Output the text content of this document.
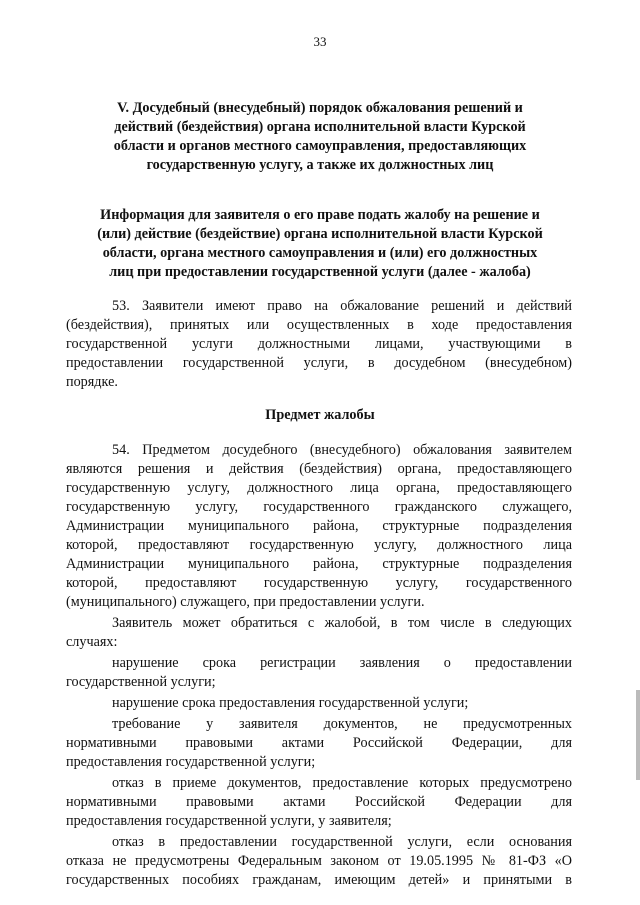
33
V. Досудебный (внесудебный) порядок обжалования решений и
действий (бездействия) органа исполнительной власти Курской
области и органов местного самоуправления, предоставляющих
государственную услугу, а также их должностных лиц
Информация для заявителя о его праве подать жалобу на решение и
(или) действие (бездействие) органа исполнительной власти Курской
области, органа местного самоуправления и (или) его должностных
лиц при предоставлении государственной услуги (далее - жалоба)
53. Заявители имеют право на обжалование решений и действий
(бездействия), принятых или осуществленных в ходе предоставления
государственной услуги должностными лицами, участвующими в
предоставлении государственной услуги, в досудебном (внесудебном)
порядке.
Предмет жалобы
54. Предметом досудебного (внесудебного) обжалования заявителем
являются решения и действия (бездействия) органа, предоставляющего
государственную услугу, должностного лица органа, предоставляющего
государственную услугу, государственного гражданского служащего,
Администрации муниципального района, структурные подразделения
которой, предоставляют государственную услугу, должностного лица
Администрации муниципального района, структурные подразделения
которой, предоставляют государственную услугу, государственного
(муниципального) служащего, при предоставлении услуги.
Заявитель может обратиться с жалобой, в том числе в следующих
случаях:
нарушение срока регистрации заявления о предоставлении
государственной услуги;
нарушение срока предоставления государственной услуги;
требование у заявителя документов, не предусмотренных
нормативными правовыми актами Российской Федерации, для
предоставления государственной услуги;
отказ в приеме документов, предоставление которых предусмотрено
нормативными правовыми актами Российской Федерации для
предоставления государственной услуги, у заявителя;
отказ в предоставлении государственной услуги, если основания
отказа не предусмотрены Федеральным законом от 19.05.1995 № 81-ФЗ «О
государственных пособиях гражданам, имеющим детей» и принятыми в
